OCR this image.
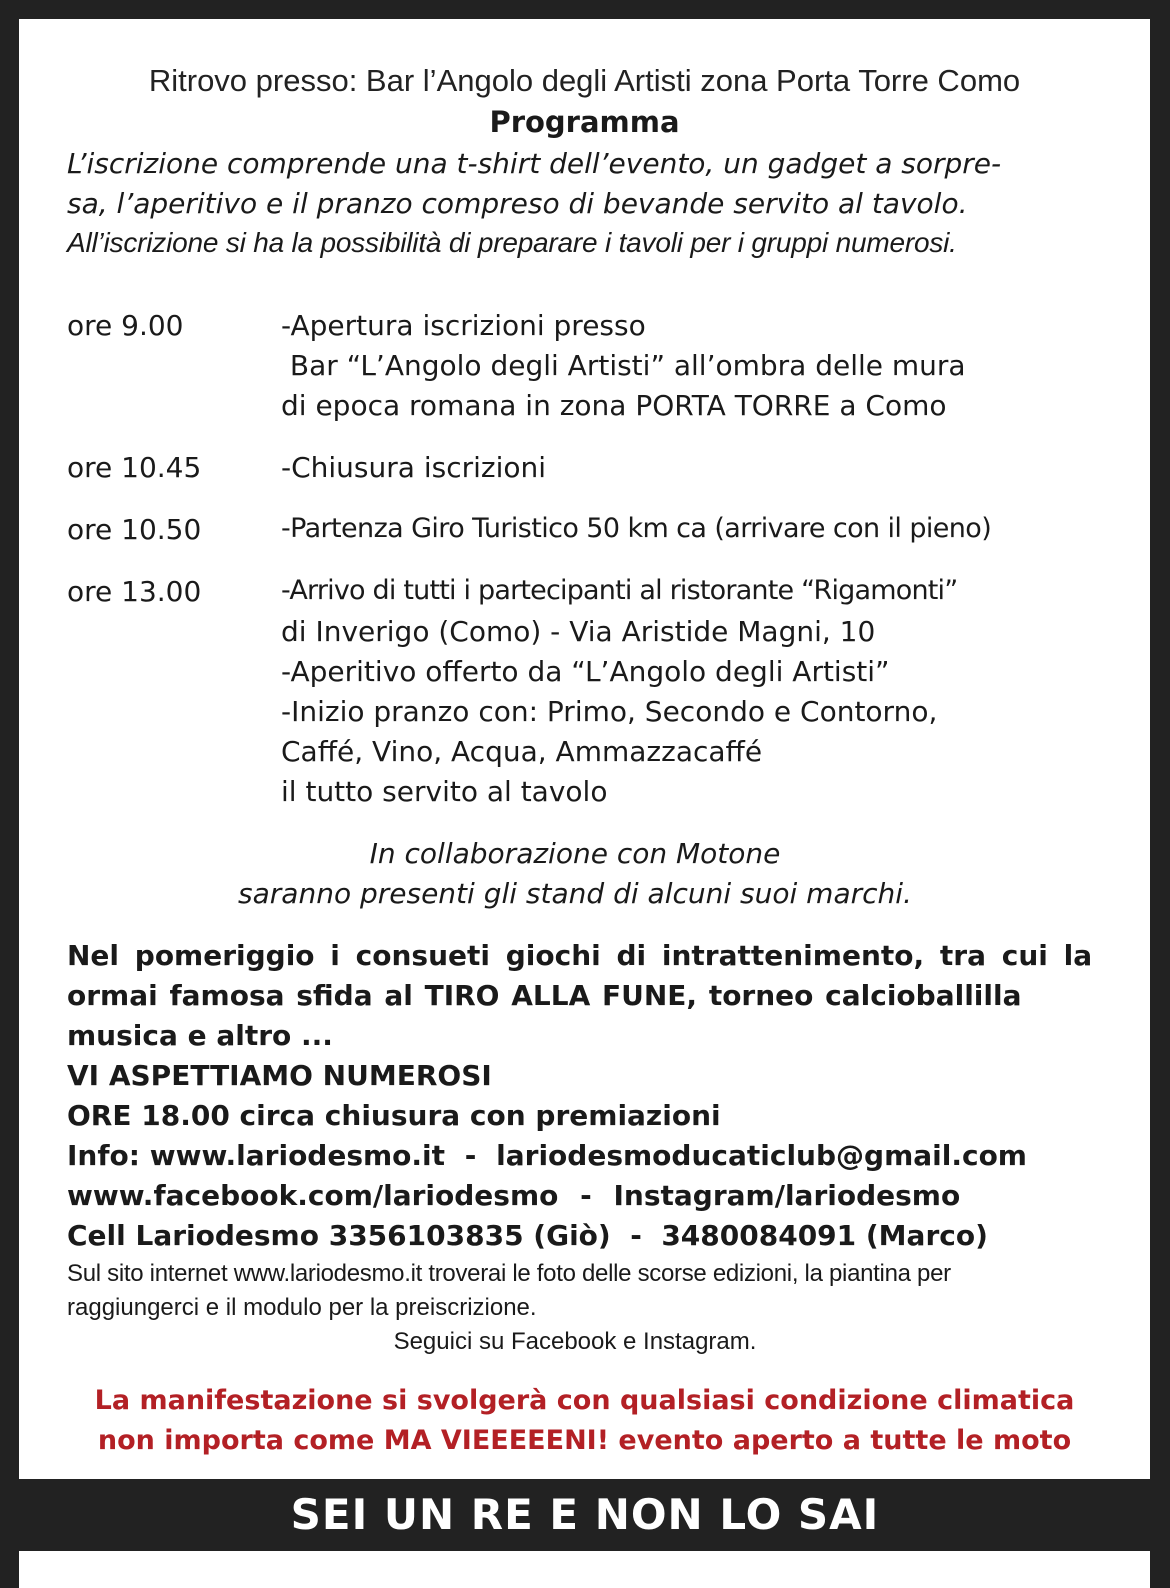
Ritrovo presso: Bar l’Angolo degli Artisti zona Porta Torre Como
Programma
L’iscrizione comprende una t-shirt dell’evento, un gadget a sorpre-
sa, l’aperitivo e il pranzo compreso di bevande servito al tavolo.
All’iscrizione si ha la possibilità di preparare i tavoli per i gruppi numerosi.
ore 9.00	-Apertura iscrizioni presso
Bar “L’Angolo degli Artisti” all’ombra delle mura
di epoca romana in zona PORTA TORRE a Como
ore 10.45	-Chiusura iscrizioni
ore 10.50	-Partenza Giro Turistico 50 km ca (arrivare con il pieno)
ore 13.00	-Arrivo di tutti i partecipanti al ristorante “Rigamonti”
di Inverigo (Como) - Via Aristide Magni, 10
-Aperitivo offerto da “L’Angolo degli Artisti”
-Inizio pranzo con: Primo, Secondo e Contorno,
Caffé, Vino, Acqua, Ammazzacaffé
il tutto servito al tavolo
In collaborazione con Motone
saranno presenti gli stand di alcuni suoi marchi.
Nel pomeriggio i consueti giochi di intrattenimento, tra cui la
ormai famosa sfida al TIRO ALLA FUNE, torneo calcioballilla
musica e altro ...
VI ASPETTIAMO NUMEROSI
ORE 18.00 circa chiusura con premiazioni
Info: www.lariodesmo.it - lariodesmoducaticlub@gmail.com
www.facebook.com/lariodesmo - Instagram/lariodesmo
Cell Lariodesmo 3356103835 (Giò)  -  3480084091 (Marco)
Sul sito internet www.lariodesmo.it troverai le foto delle scorse edizioni, la piantina per
raggiungerci e il modulo per la preiscrizione.
Seguici su Facebook e Instagram.
La manifestazione si svolgerà con qualsiasi condizione climatica
non importa come MA VIEEEEENI! evento aperto a tutte le moto
SEI UN RE E NON LO SAI
